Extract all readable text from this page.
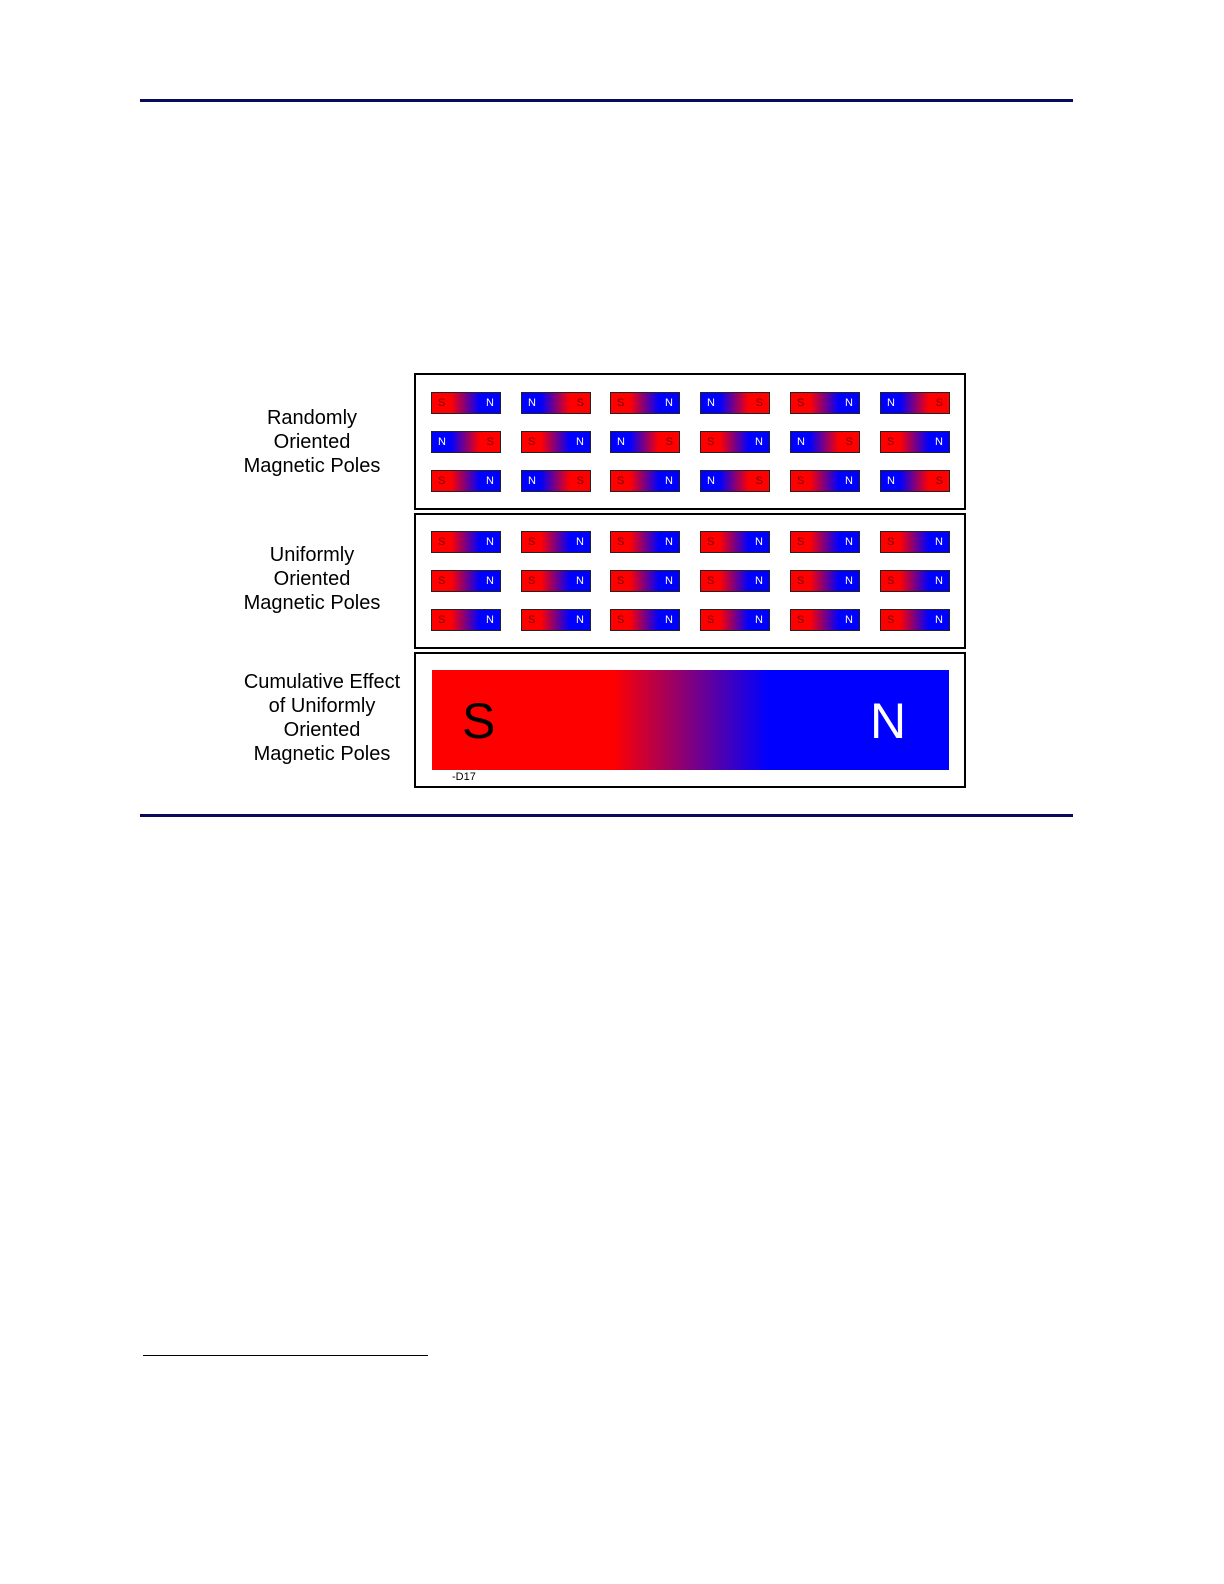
Randomly
Oriented
Magnetic Poles
Uniformly
Oriented
Magnetic Poles
Cumulative Effect
of Uniformly
Oriented
Magnetic Poles
S	N
-D17
S	N	N	S	S	N	N	S	S	N	N	S
N	S	S	N	N	S	S	N	N	S	S	N
S	N	N	S	S	N	N	S	S	N	N	S
S	N	S	N	S	N	S	N	S	N	S	N
S	N	S	N	S	N	S	N	S	N	S	N
S	N	S	N	S	N	S	N	S	N	S	N
